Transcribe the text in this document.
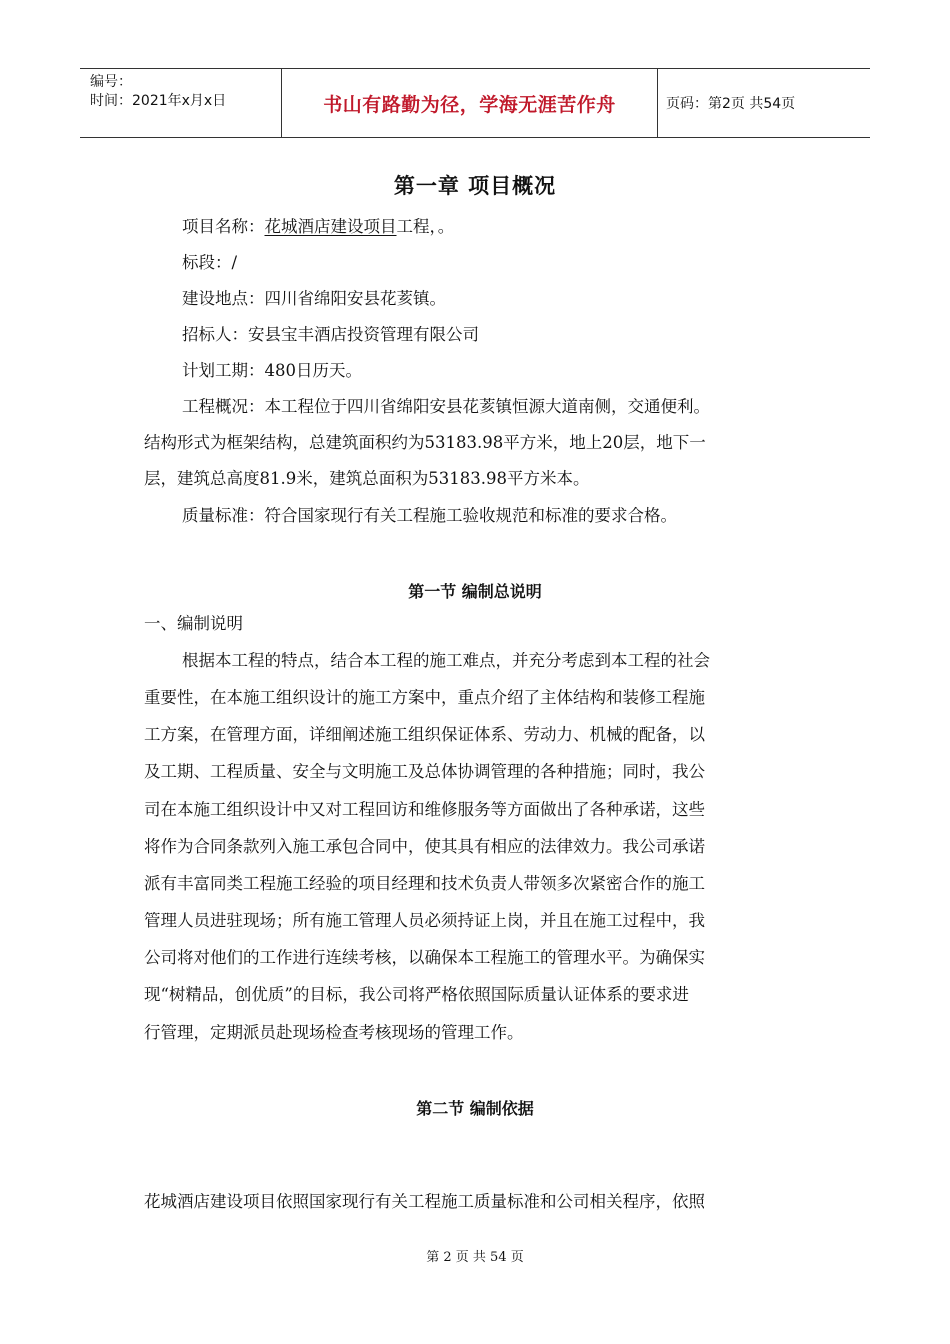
编号：
时间：2021年x月x日	书山有路勤为径，学海无涯苦作舟	页码：第2页 共54页
第一章 项目概况
项目名称：花城酒店建设项目工程，。
标段：/
建设地点：四川省绵阳安县花荄镇。
招标人：安县宝丰酒店投资管理有限公司
计划工期：480日历天。
工程概况：本工程位于四川省绵阳安县花荄镇恒源大道南侧，交通便利。
结构形式为框架结构，总建筑面积约为53183.98平方米，地上20层，地下一
层，建筑总高度81.9米，建筑总面积为53183.98平方米本。
质量标准：符合国家现行有关工程施工验收规范和标准的要求合格。
第一节 编制总说明
一、编制说明
根据本工程的特点，结合本工程的施工难点，并充分考虑到本工程的社会
重要性，在本施工组织设计的施工方案中，重点介绍了主体结构和装修工程施
工方案，在管理方面，详细阐述施工组织保证体系、劳动力、机械的配备，以
及工期、工程质量、安全与文明施工及总体协调管理的各种措施；同时，我公
司在本施工组织设计中又对工程回访和维修服务等方面做出了各种承诺，这些
将作为合同条款列入施工承包合同中，使其具有相应的法律效力。我公司承诺
派有丰富同类工程施工经验的项目经理和技术负责人带领多次紧密合作的施工
管理人员进驻现场；所有施工管理人员必须持证上岗，并且在施工过程中，我
公司将对他们的工作进行连续考核，以确保本工程施工的管理水平。为确保实
现“树精品，创优质”的目标，我公司将严格依照国际质量认证体系的要求进
行管理，定期派员赴现场检查考核现场的管理工作。
第二节 编制依据
花城酒店建设项目依照国家现行有关工程施工质量标准和公司相关程序，依照
第 2 页 共 54 页
